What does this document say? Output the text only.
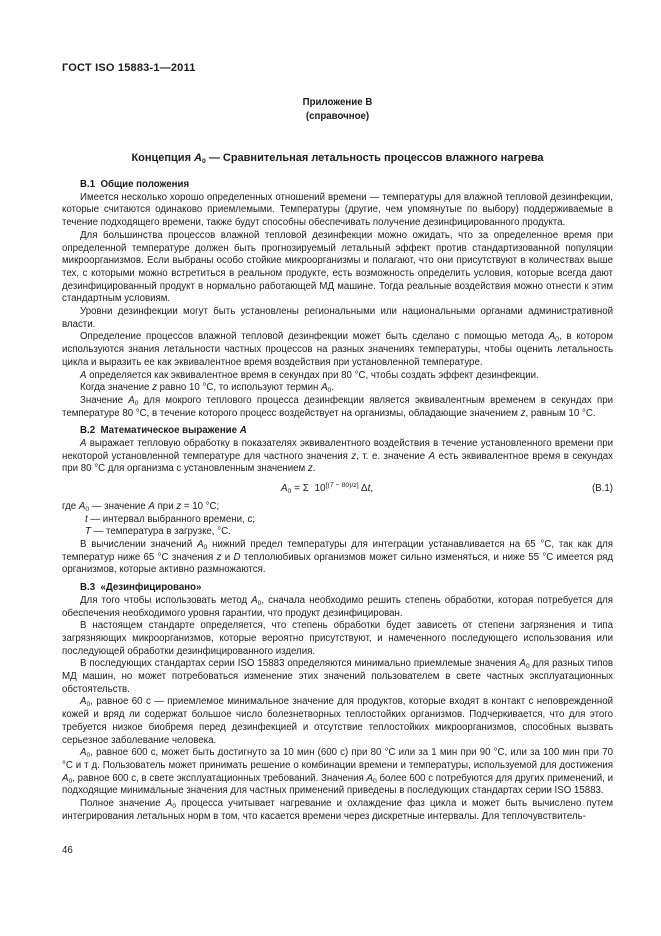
ГОСТ ISO 15883-1—2011
Приложение В
(справочное)
Концепция $A_0$ — Сравнительная летальность процессов влажного нагрева
В.1  Общие положения

Имеется несколько хорошо определенных отношений времени — температуры для влажной тепловой дезинфекции, которые считаются одинаково приемлемыми. Температуры (другие, чем упомянутые по выбору) поддерживаемые в течение подходящего времени, также будут способны обеспечивать получение дезинфицированного продукта.

Для большинства процессов влажной тепловой дезинфекции можно ожидать, что за определенное время при определенной температуре должен быть прогнозируемый летальный эффект против стандартизованной популяции микроорганизмов. Если выбраны особо стойкие микроорганизмы и полагают, что они присутствуют в количествах выше тех, с которыми можно встретиться в реальном продукте, есть возможность определить условия, которые всегда дают дезинфицированный продукт в нормально работающей МД машине. Тогда реальные воздействия можно отнести к этим стандартным условиям.

Уровни дезинфекции могут быть установлены региональными или национальными органами административной власти.

Определение процессов влажной тепловой дезинфекции может быть сделано с помощью метода $A_0$, в котором используются знания летальности частных процессов на разных значениях температуры, чтобы оценить летальность цикла и выразить ее как эквивалентное время воздействия при установленной температуре.

A определяется как эквивалентное время в секундах при 80 °С, чтобы создать эффект дезинфекции.

Когда значение z равно 10 °С, то используют термин $A_0$.

Значение $A_0$ для мокрого теплового процесса дезинфекции является эквивалентным временем в секундах при температуре 80 °С, в течение которого процесс воздействует на организмы, обладающие значением z, равным 10 °С.

В.2  Математическое выражение A

A выражает тепловую обработку в показателях эквивалентного воздействия в течение установленного времени при некоторой установленной температуре для частного значения z, т. е. значение A есть эквивалентное время в секундах при 80 °С для организма с установленным значением z.

$A_0 = \Sigma$  10[(T − 80)/z] Δt,	(В.1)

где $A_0$ — значение A при z = 10 °С;

t — интервал выбранного времени, с;

T — температура в загрузке, °С.

В вычислении значений $A_0$ нижний предел температуры для интеграции устанавливается на 65 °С, так как для температур ниже 65 °С значения z и D теплолюбивых организмов может сильно изменяться, и ниже 55 °С имеется ряд организмов, которые активно размножаются.

В.3  «Дезинфицировано»

Для того чтобы использовать метод $A_0$, сначала необходимо решить степень обработки, которая потребуется для обеспечения необходимого уровня гарантии, что продукт дезинфицирован.

В настоящем стандарте определяется, что степень обработки будет зависеть от степени загрязнения и типа загрязняющих микроорганизмов, которые вероятно присутствуют, и намеченного последующего использования или последующей обработки дезинфицированного изделия.

В последующих стандартах серии ISO 15883 определяются минимально приемлемые значения $A_0$ для разных типов МД машин, но может потребоваться изменение этих значений пользователем в свете частных эксплуатационных обстоятельств.

$A_0$, равное 60 с — приемлемое минимальное значение для продуктов, которые входят в контакт с неповрежденной кожей и вряд ли содержат большое число болезнетворных теплостойких организмов. Подчеркивается, что для этого требуется низкое биобремя перед дезинфекцией и отсутствие теплостойких микроорганизмов, способных вызвать серьезное заболевание человека.

$A_0$, равное 600 с, может быть достигнуто за 10 мин (600 с) при 80 °С или за 1 мин при 90 °С, или за 100 мин при 70 °С и т д. Пользователь может принимать решение о комбинации времени и температуры, используемой для достижения $A_0$, равное 600 с, в свете эксплуатационных требований. Значения $A_0$ более 600 с потребуются для других применений, и подходящие минимальные значения для частных применений приведены в последующих стандартах серии ISO 15883.

Полное значение $A_0$ процесса учитывает нагревание и охлаждение фаз цикла и может быть вычислено путем интегрирования летальных норм в том, что касается времени через дискретные интервалы. Для теплочувствитель-

46
